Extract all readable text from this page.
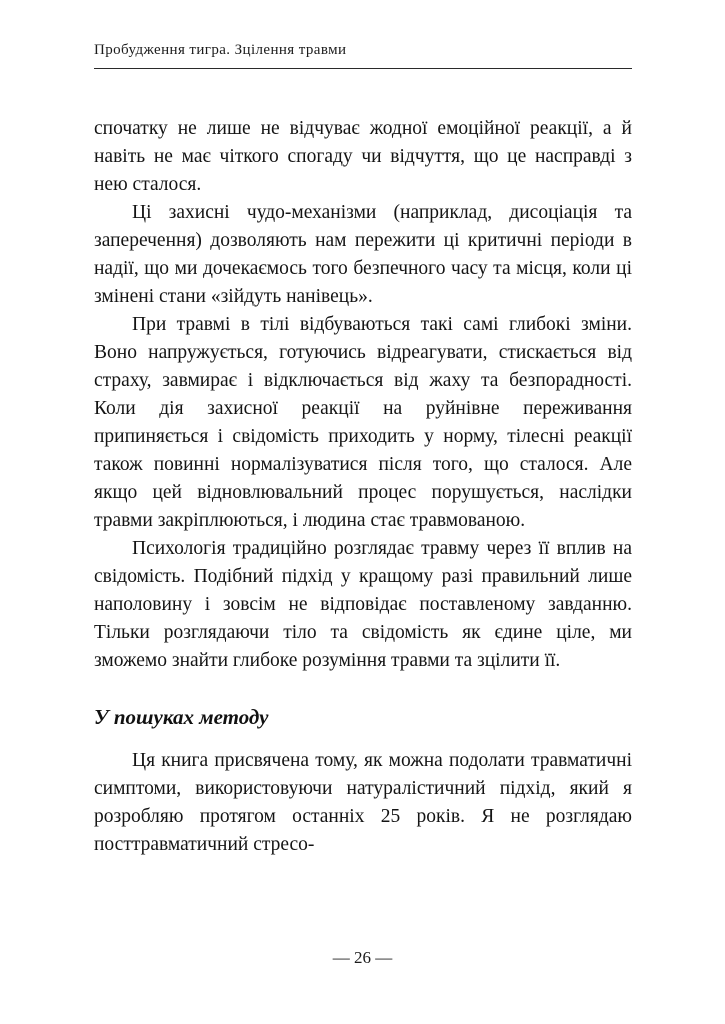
Пробудження тигра. Зцілення травми

спочатку не лише не відчуває жодної емоційної реакції, а й навіть не має чіткого спогаду чи відчуття, що це насправді з нею сталося.

Ці захисні чудо-механізми (наприклад, дисоціація та заперечення) дозволяють нам пережити ці критичні періоди в надії, що ми дочекаємось того безпечного часу та місця, коли ці змінені стани «зійдуть нанівець».

При травмі в тілі відбуваються такі самі глибокі зміни. Воно напружується, готуючись відреагувати, стискається від страху, завмирає і відключається від жаху та безпорадності. Коли дія захисної реакції на руйнівне переживання припиняється і свідомість приходить у норму, тілесні реакції також повинні нормалізуватися після того, що сталося. Але якщо цей відновлювальний процес порушується, наслідки травми закріплюються, і людина стає травмованою.

Психологія традиційно розглядає травму через її вплив на свідомість. Подібний підхід у кращому разі правильний лише наполовину і зовсім не відповідає поставленому завданню. Тільки розглядаючи тіло та свідомість як єдине ціле, ми зможемо знайти глибоке розуміння травми та зцілити її.

У пошуках методу

Ця книга присвячена тому, як можна подолати травматичні симптоми, використовуючи натуралістичний підхід, який я розробляю протягом останніх 25 років. Я не розглядаю посттравматичний стресо-

— 26 —
